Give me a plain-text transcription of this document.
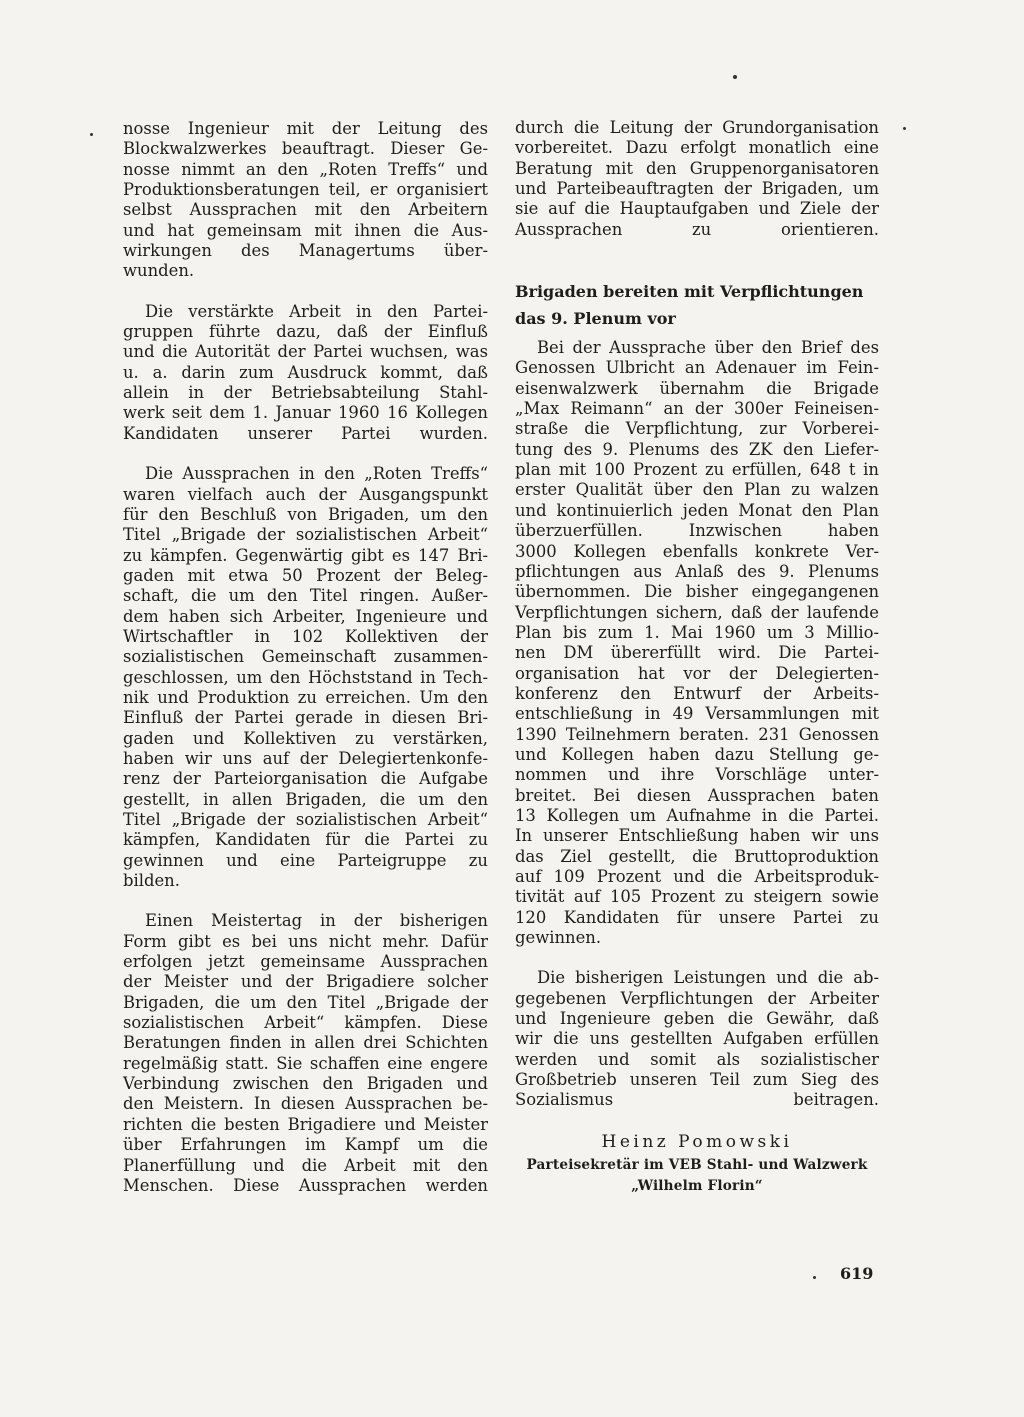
nosse Ingenieur mit der Leitung des
Blockwalzwerkes beauftragt. Dieser Ge-
nosse nimmt an den „Roten Treffs“ und
Produktionsberatungen teil, er organisiert
selbst Aussprachen mit den Arbeitern
und hat gemeinsam mit ihnen die Aus-
wirkungen des Managertums über-
wunden.

Die verstärkte Arbeit in den Partei-
gruppen führte dazu, daß der Einfluß
und die Autorität der Partei wuchsen, was
u. a. darin zum Ausdruck kommt, daß
allein in der Betriebsabteilung Stahl-
werk seit dem 1. Januar 1960 16 Kollegen
Kandidaten unserer Partei wurden.

Die Aussprachen in den „Roten Treffs“
waren vielfach auch der Ausgangspunkt
für den Beschluß von Brigaden, um den
Titel „Brigade der sozialistischen Arbeit“
zu kämpfen. Gegenwärtig gibt es 147 Bri-
gaden mit etwa 50 Prozent der Beleg-
schaft, die um den Titel ringen. Außer-
dem haben sich Arbeiter, Ingenieure und
Wirtschaftler in 102 Kollektiven der
sozialistischen Gemeinschaft zusammen-
geschlossen, um den Höchststand in Tech-
nik und Produktion zu erreichen. Um den
Einfluß der Partei gerade in diesen Bri-
gaden und Kollektiven zu verstärken,
haben wir uns auf der Delegiertenkonfe-
renz der Parteiorganisation die Aufgabe
gestellt, in allen Brigaden, die um den
Titel „Brigade der sozialistischen Arbeit“
kämpfen, Kandidaten für die Partei zu
gewinnen und eine Parteigruppe zu
bilden.

Einen Meistertag in der bisherigen
Form gibt es bei uns nicht mehr. Dafür
erfolgen jetzt gemeinsame Aussprachen
der Meister und der Brigadiere solcher
Brigaden, die um den Titel „Brigade der
sozialistischen Arbeit“ kämpfen. Diese
Beratungen finden in allen drei Schichten
regelmäßig statt. Sie schaffen eine engere
Verbindung zwischen den Brigaden und
den Meistern. In diesen Aussprachen be-
richten die besten Brigadiere und Meister
über Erfahrungen im Kampf um die
Planerfüllung und die Arbeit mit den
Menschen. Diese Aussprachen werden

durch die Leitung der Grundorganisation
vorbereitet. Dazu erfolgt monatlich eine
Beratung mit den Gruppenorganisatoren
und Parteibeauftragten der Brigaden, um
sie auf die Hauptaufgaben und Ziele der
Aussprachen zu orientieren.

Brigaden bereiten mit Verpflichtungen
das 9. Plenum vor

Bei der Aussprache über den Brief des
Genossen Ulbricht an Adenauer im Fein-
eisenwalzwerk übernahm die Brigade
„Max Reimann“ an der 300er Feineisen-
straße die Verpflichtung, zur Vorberei-
tung des 9. Plenums des ZK den Liefer-
plan mit 100 Prozent zu erfüllen, 648 t in
erster Qualität über den Plan zu walzen
und kontinuierlich jeden Monat den Plan
überzuerfüllen. Inzwischen haben
3000 Kollegen ebenfalls konkrete Ver-
pflichtungen aus Anlaß des 9. Plenums
übernommen. Die bisher eingegangenen
Verpflichtungen sichern, daß der laufende
Plan bis zum 1. Mai 1960 um 3 Millio-
nen DM übererfüllt wird. Die Partei-
organisation hat vor der Delegierten-
konferenz den Entwurf der Arbeits-
entschließung in 49 Versammlungen mit
1390 Teilnehmern beraten. 231 Genossen
und Kollegen haben dazu Stellung ge-
nommen und ihre Vorschläge unter-
breitet. Bei diesen Aussprachen baten
13 Kollegen um Aufnahme in die Partei.
In unserer Entschließung haben wir uns
das Ziel gestellt, die Bruttoproduktion
auf 109 Prozent und die Arbeitsproduk-
tivität auf 105 Prozent zu steigern sowie
120 Kandidaten für unsere Partei zu
gewinnen.

Die bisherigen Leistungen und die ab-
gegebenen Verpflichtungen der Arbeiter
und Ingenieure geben die Gewähr, daß
wir die uns gestellten Aufgaben erfüllen
werden und somit als sozialistischer
Großbetrieb unseren Teil zum Sieg des
Sozialismus beitragen.

Heinz Pomowski
Parteisekretär im VEB Stahl- und Walzwerk
„Wilhelm Florin“
619
